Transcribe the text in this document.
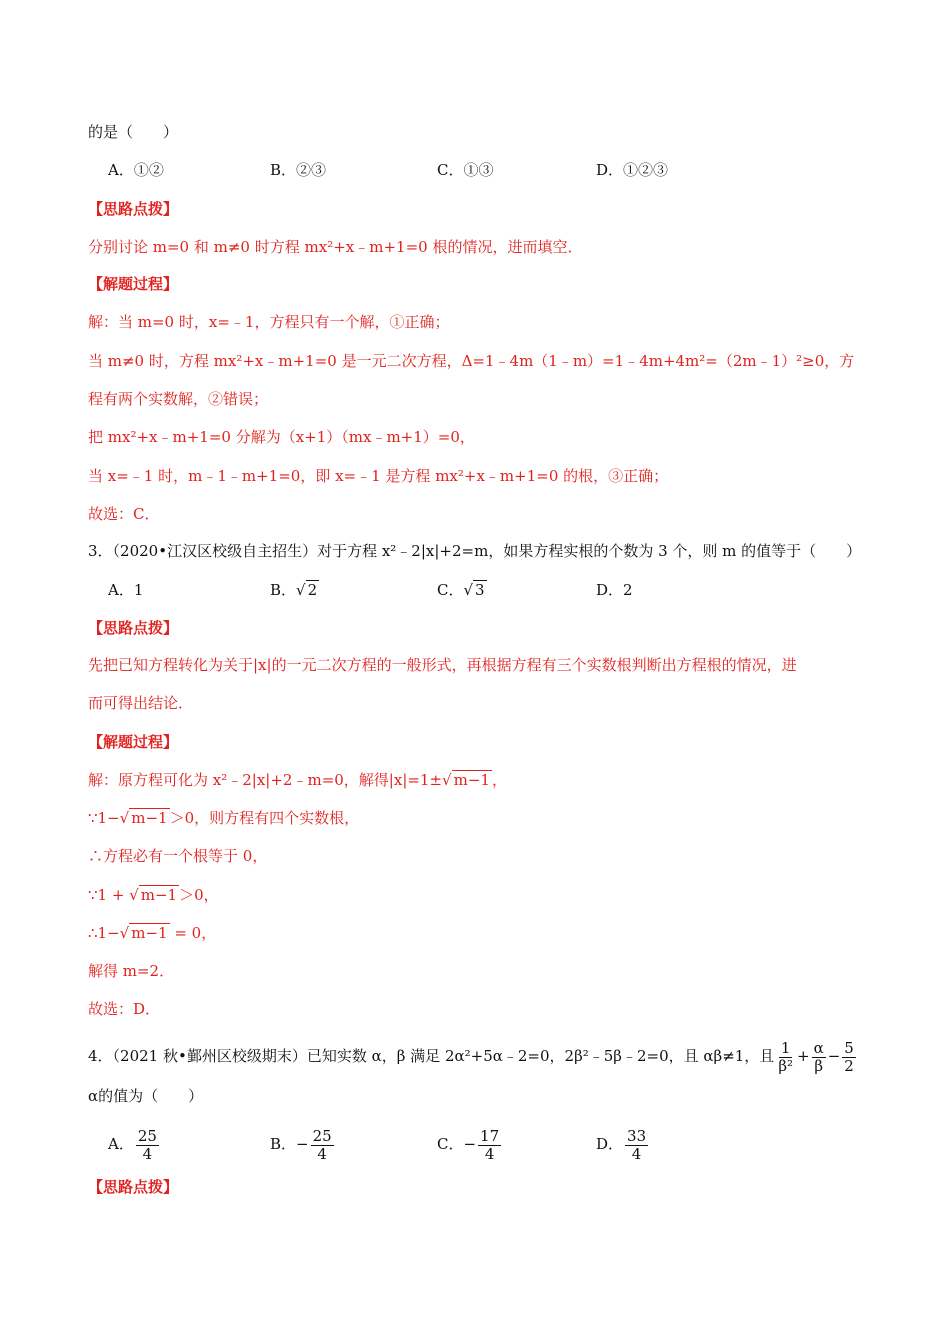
的是（　　）
A．①②	B．②③	C．①③	D．①②③
【思路点拨】
分别讨论 m=0 和 m≠0 时方程 mx²+x﹣m+1=0 根的情况，进而填空．
【解题过程】
解：当 m=0 时，x=﹣1，方程只有一个解，①正确；
当 m≠0 时，方程 mx²+x﹣m+1=0 是一元二次方程，Δ=1﹣4m（1﹣m）=1﹣4m+4m²=（2m﹣1）²≥0，方
程有两个实数解，②错误；
把 mx²+x﹣m+1=0 分解为（x+1）（mx﹣m+1）=0，
当 x=﹣1 时，m﹣1﹣m+1=0，即 x=﹣1 是方程 mx²+x﹣m+1=0 的根，③正确；
故选：C．
3．（2020•江汉区校级自主招生）对于方程 x²﹣2|x|+2=m，如果方程实根的个数为 3 个，则 m 的值等于（　　）
A．1	B．√ 2	C．√ 3	D．2
【思路点拨】
先把已知方程转化为关于|x|的一元二次方程的一般形式，再根据方程有三个实数根判断出方程根的情况，进
而可得出结论．
【解题过程】
解：原方程可化为 x²﹣2|x|+2﹣m=0，解得|x|=1±√ m−1 ，
∵1−√ m−1 ＞0，则方程有四个实数根，
∴方程必有一个根等于 0，
∵1 + √ m−1 ＞0，
∴1−√ m−1 = 0，
解得 m=2．
故选：D．
4．（2021 秋•鄞州区校级期末）已知实数 α，β 满足 2α²+5α﹣2=0，2β²﹣5β﹣2=0，且 αβ≠1，且 $\frac{1}{\text{β²}} + \frac{\alpha}{\beta} - \frac{5}{2}$
α的值为（　　）
A． $\frac{25}{4}$	B．− $\frac{25}{4}$	C．− $\frac{17}{4}$	D． $\frac{33}{4}$
【思路点拨】
